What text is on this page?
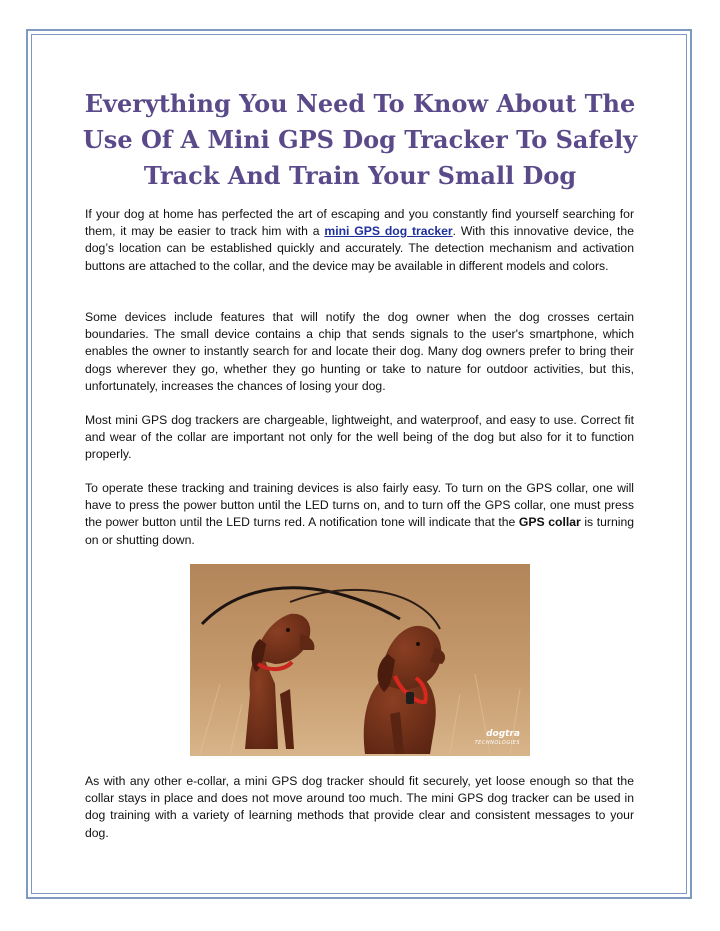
Everything You Need To Know About The Use Of A Mini GPS Dog Tracker To Safely Track And Train Your Small Dog

If your dog at home has perfected the art of escaping and you constantly find yourself searching for them, it may be easier to track him with a mini GPS dog tracker. With this innovative device, the dog’s location can be established quickly and accurately. The detection mechanism and activation buttons are attached to the collar, and the device may be available in different models and colors.

Some devices include features that will notify the dog owner when the dog crosses certain boundaries. The small device contains a chip that sends signals to the user's smartphone, which enables the owner to instantly search for and locate their dog. Many dog owners prefer to bring their dogs wherever they go, whether they go hunting or take to nature for outdoor activities, but this, unfortunately, increases the chances of losing your dog.

Most mini GPS dog trackers are chargeable, lightweight, and waterproof, and easy to use. Correct fit and wear of the collar are important not only for the well being of the dog but also for it to function properly.

To operate these tracking and training devices is also fairly easy. To turn on the GPS collar, one will have to press the power button until the LED turns on, and to turn off the GPS collar, one must press the power button until the LED turns red. A notification tone will indicate that the GPS collar is turning on or shutting down.

dogtra
TECHNOLOGIES

As with any other e-collar, a mini GPS dog tracker should fit securely, yet loose enough so that the collar stays in place and does not move around too much. The mini GPS dog tracker can be used in dog training with a variety of learning methods that provide clear and consistent messages to your dog.
